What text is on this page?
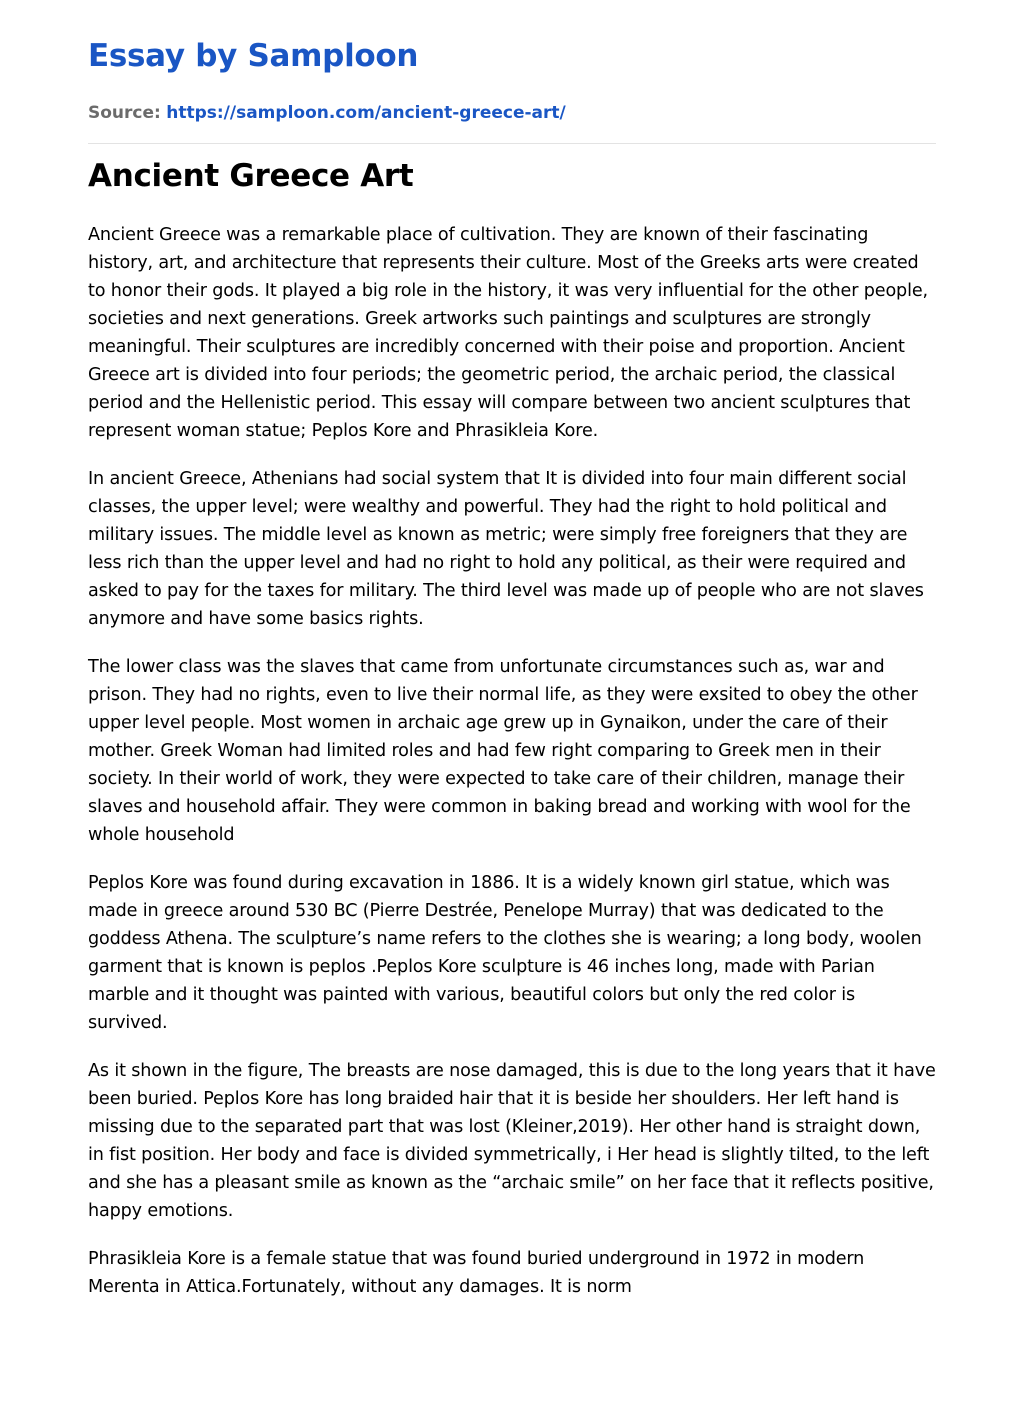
Essay by Samploon
Source: https://samploon.com/ancient-greece-art/
Ancient Greece Art

Ancient Greece was a remarkable place of cultivation. They are known of their fascinating history, art, and architecture that represents their culture. Most of the Greeks arts were created to honor their gods. It played a big role in the history, it was very influential for the other people, societies and next generations. Greek artworks such paintings and sculptures are strongly meaningful. Their sculptures are incredibly concerned with their poise and proportion. Ancient Greece art is divided into four periods; the geometric period, the archaic period, the classical period and the Hellenistic period. This essay will compare between two ancient sculptures that represent woman statue; Peplos Kore and Phrasikleia Kore.

In ancient Greece, Athenians had social system that It is divided into four main different social classes, the upper level; were wealthy and powerful. They had the right to hold political and military issues. The middle level as known as metric; were simply free foreigners that they are less rich than the upper level and had no right to hold any political, as their were required and asked to pay for the taxes for military. The third level was made up of people who are not slaves anymore and have some basics rights.

The lower class was the slaves that came from unfortunate circumstances such as, war and prison. They had no rights, even to live their normal life, as they were exsited to obey the other upper level people. Most women in archaic age grew up in Gynaikon, under the care of their mother. Greek Woman had limited roles and had few right comparing to Greek men in their society. In their world of work, they were expected to take care of their children, manage their slaves and household affair. They were common in baking bread and working with wool for the whole household

Peplos Kore was found during excavation in 1886. It is a widely known girl statue, which was made in greece around 530 BC (Pierre Destrée, Penelope Murray) that was dedicated to the goddess Athena. The sculpture’s name refers to the clothes she is wearing; a long body, woolen garment that is known is peplos .Peplos Kore sculpture is 46 inches long, made with Parian marble and it thought was painted with various, beautiful colors but only the red color is survived.

As it shown in the figure, The breasts are nose damaged, this is due to the long years that it have been buried. Peplos Kore has long braided hair that it is beside her shoulders. Her left hand is missing due to the separated part that was lost (Kleiner,2019). Her other hand is straight down, in fist position. Her body and face is divided symmetrically, i Her head is slightly tilted, to the left and she has a pleasant smile as known as the “archaic smile” on her face that it reflects positive, happy emotions.

Phrasikleia Kore is a female statue that was found buried underground in 1972 in modern Merenta in Attica.Fortunately, without any damages. It is norm
